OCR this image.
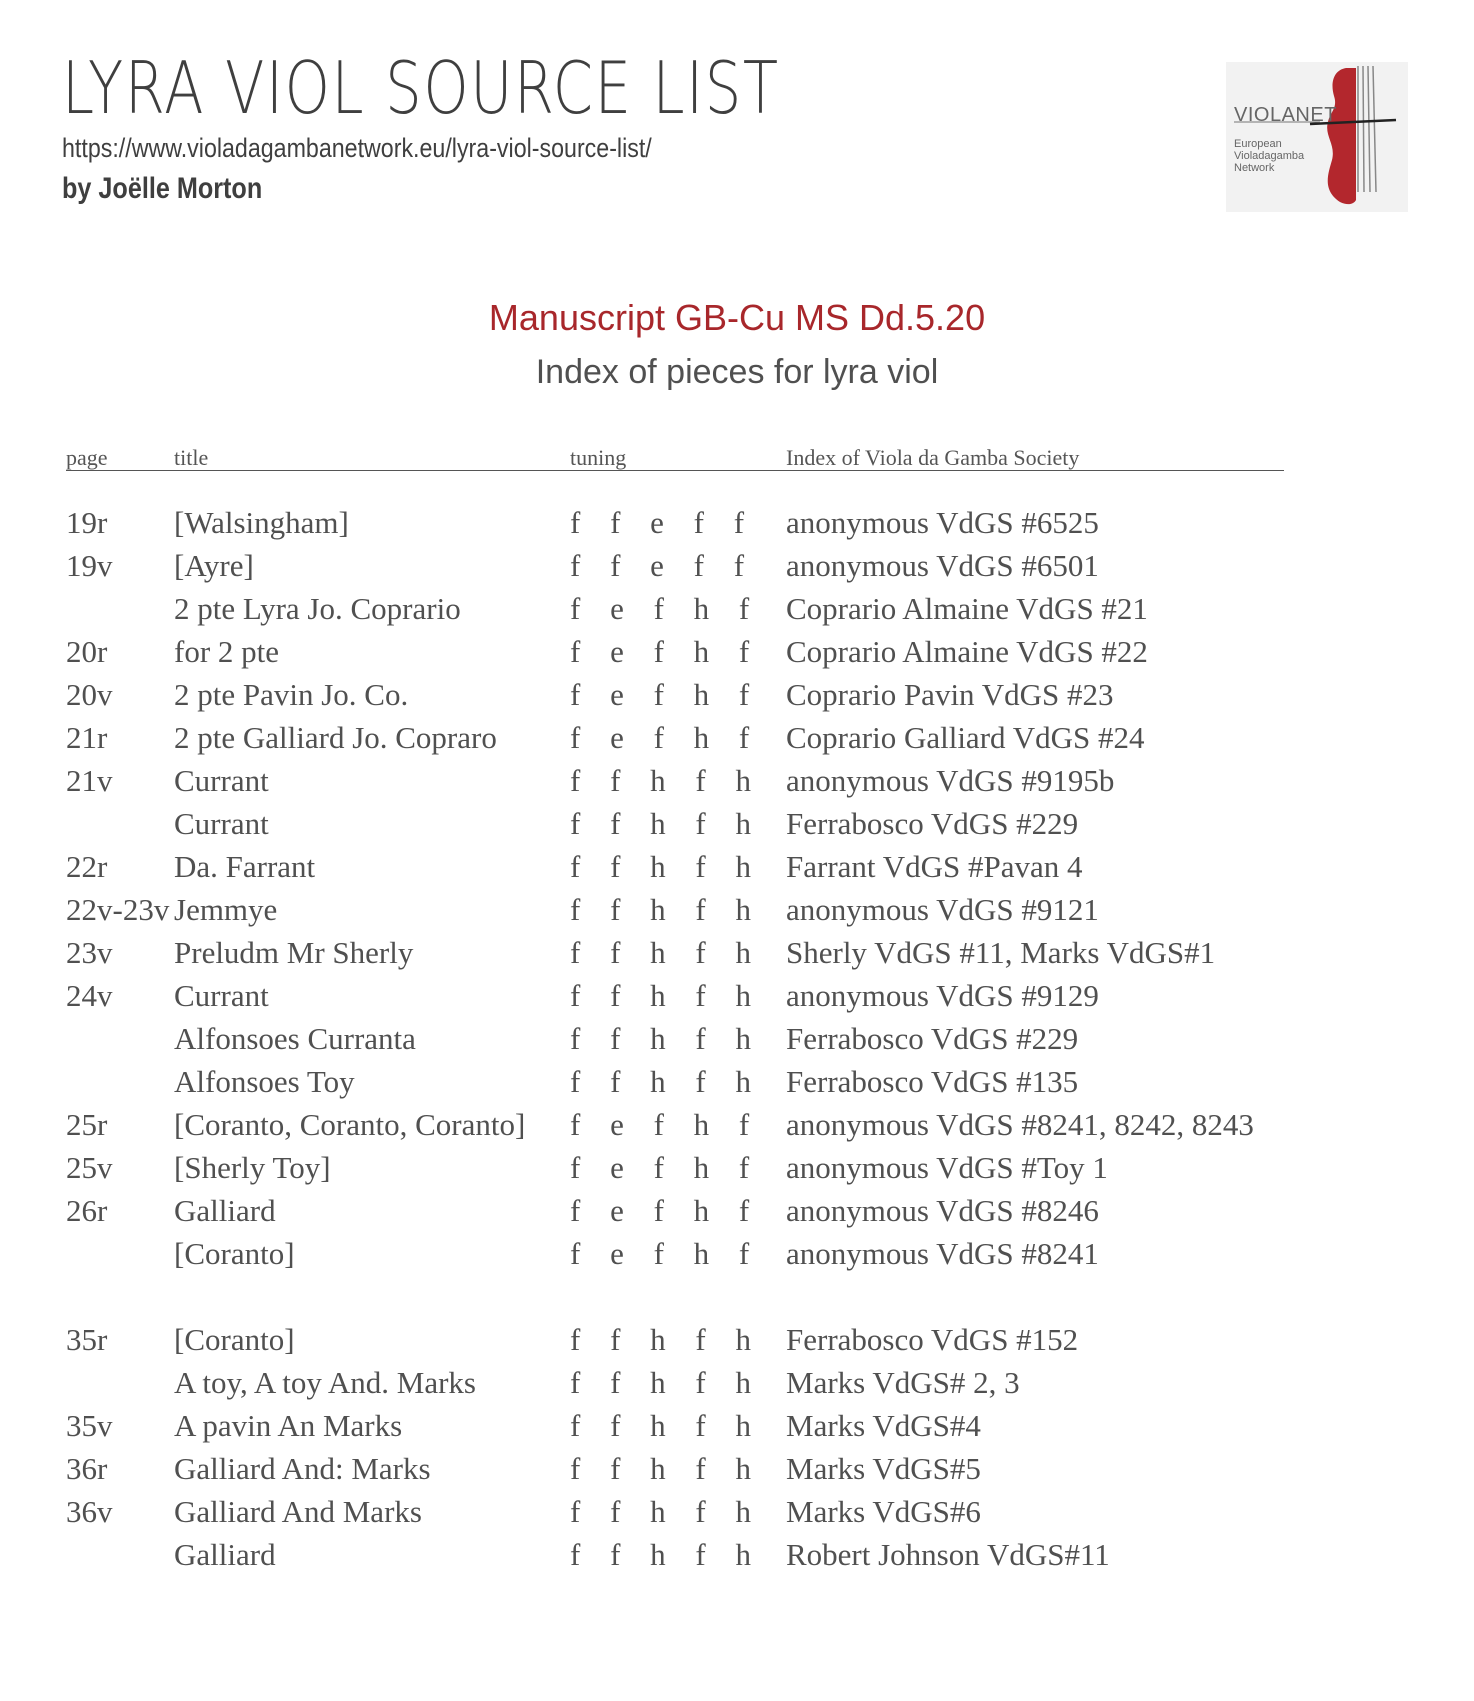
LYRA VIOL SOURCE LIST
https://www.violadagambanetwork.eu/lyra-viol-source-list/
by Joëlle Morton
VIOLANET
European Violadagamba Network
Manuscript GB-Cu MS Dd.5.20
Index of pieces for lyra viol
page	title	tuning	Index of Viola da Gamba Society
19r [Walsingham]	f f e f f anonymous VdGS #6525
19v [Ayre]	f f e f f anonymous VdGS #6501
2 pte Lyra Jo. Coprario	f e f h f Coprario Almaine VdGS #21
20r for 2 pte	f e f h f Coprario Almaine VdGS #22
20v 2 pte Pavin Jo. Co.	f e f h f Coprario Pavin VdGS #23
21r 2 pte Galliard Jo. Copraro f e f h f Coprario Galliard VdGS #24
21v Currant	f f h f h anonymous VdGS #9195b
Currant	f f h f h Ferrabosco VdGS #229
22r Da. Farrant	f f h f h Farrant VdGS #Pavan 4
22v-23v Jemmye	f f h f h anonymous VdGS #9121
23v Preludm Mr Sherly	f f h f h Sherly VdGS #11, Marks VdGS#1
24v Currant	f f h f h anonymous VdGS #9129
Alfonsoes Curranta	f f h f h Ferrabosco VdGS #229
Alfonsoes Toy	f f h f h Ferrabosco VdGS #135
25r [Coranto, Coranto, Coranto] f e f h f anonymous VdGS #8241, 8242, 8243
25v [Sherly Toy]	f e f h f anonymous VdGS #Toy 1
26r Galliard	f e f h f anonymous VdGS #8246
[Coranto]	f e f h f anonymous VdGS #8241
35r [Coranto]	f f h f h Ferrabosco VdGS #152
A toy, A toy And. Marks	f f h f h Marks VdGS# 2, 3
35v A pavin An Marks	f f h f h Marks VdGS#4
36r Galliard And: Marks	f f h f h Marks VdGS#5
36v Galliard And Marks	f f h f h Marks VdGS#6
Galliard	f f h f h Robert Johnson VdGS#11
